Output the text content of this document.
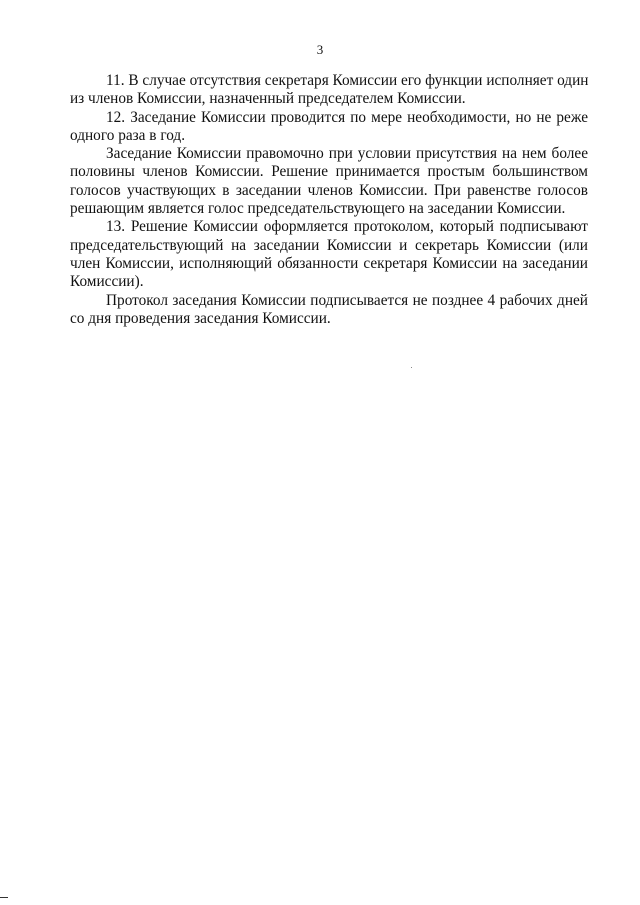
3

11. В случае отсутствия секретаря Комиссии его функции исполняет один
из членов Комиссии, назначенный председателем Комиссии.

12. Заседание Комиссии проводится по мере необходимости, но не реже
одного раза в год.

Заседание Комиссии правомочно при условии присутствия на нем более
половины членов Комиссии. Решение принимается простым большинством
голосов участвующих в заседании членов Комиссии. При равенстве голосов
решающим является голос председательствующего на заседании Комиссии.

13. Решение Комиссии оформляется протоколом, который подписывают
председательствующий на заседании Комиссии и секретарь Комиссии (или
член Комиссии, исполняющий обязанности секретаря Комиссии на заседании
Комиссии).

Протокол заседания Комиссии подписывается не позднее 4 рабочих дней
со дня проведения заседания Комиссии.
